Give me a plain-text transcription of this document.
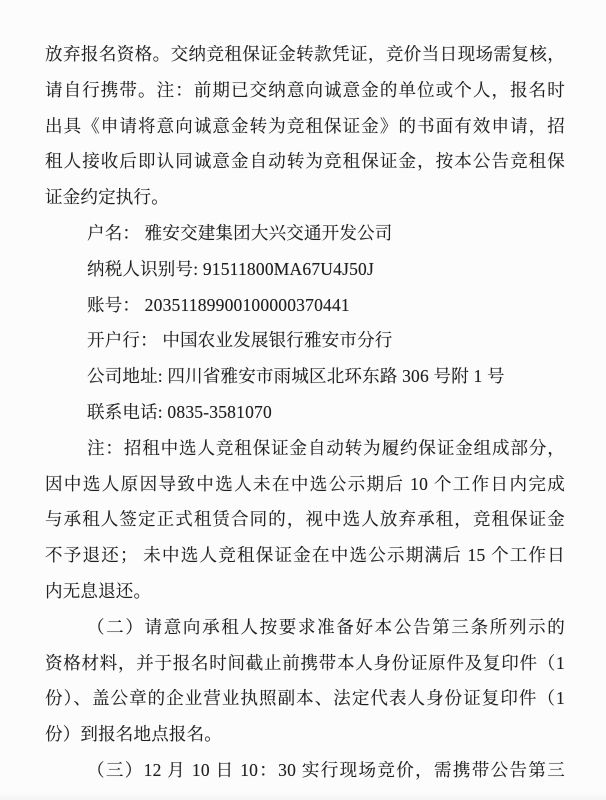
放弃报名资格。交纳竞租保证金转款凭证，竞价当日现场需复核，
请自行携带。注：前期已交纳意向诚意金的单位或个人，报名时
出具《申请将意向诚意金转为竞租保证金》的书面有效申请，招
租人接收后即认同诚意金自动转为竞租保证金，按本公告竞租保
证金约定执行。
户名： 雅安交建集团大兴交通开发公司
纳税人识别号: 91511800MA67U4J50J
账号： 20351189900100000370441
开户行： 中国农业发展银行雅安市分行
公司地址: 四川省雅安市雨城区北环东路 306 号附 1 号
联系电话: 0835-3581070
注：招租中选人竞租保证金自动转为履约保证金组成部分，
因中选人原因导致中选人未在中选公示期后 10 个工作日内完成
与承租人签定正式租赁合同的，视中选人放弃承租，竞租保证金
不予退还； 未中选人竞租保证金在中选公示期满后 15 个工作日
内无息退还。
（二）请意向承租人按要求准备好本公告第三条所列示的
资格材料，并于报名时间截止前携带本人身份证原件及复印件（1
份）、盖公章的企业营业执照副本、法定代表人身份证复印件（1
份）到报名地点报名。
（三）12 月 10 日 10：30 实行现场竞价，需携带公告第三
